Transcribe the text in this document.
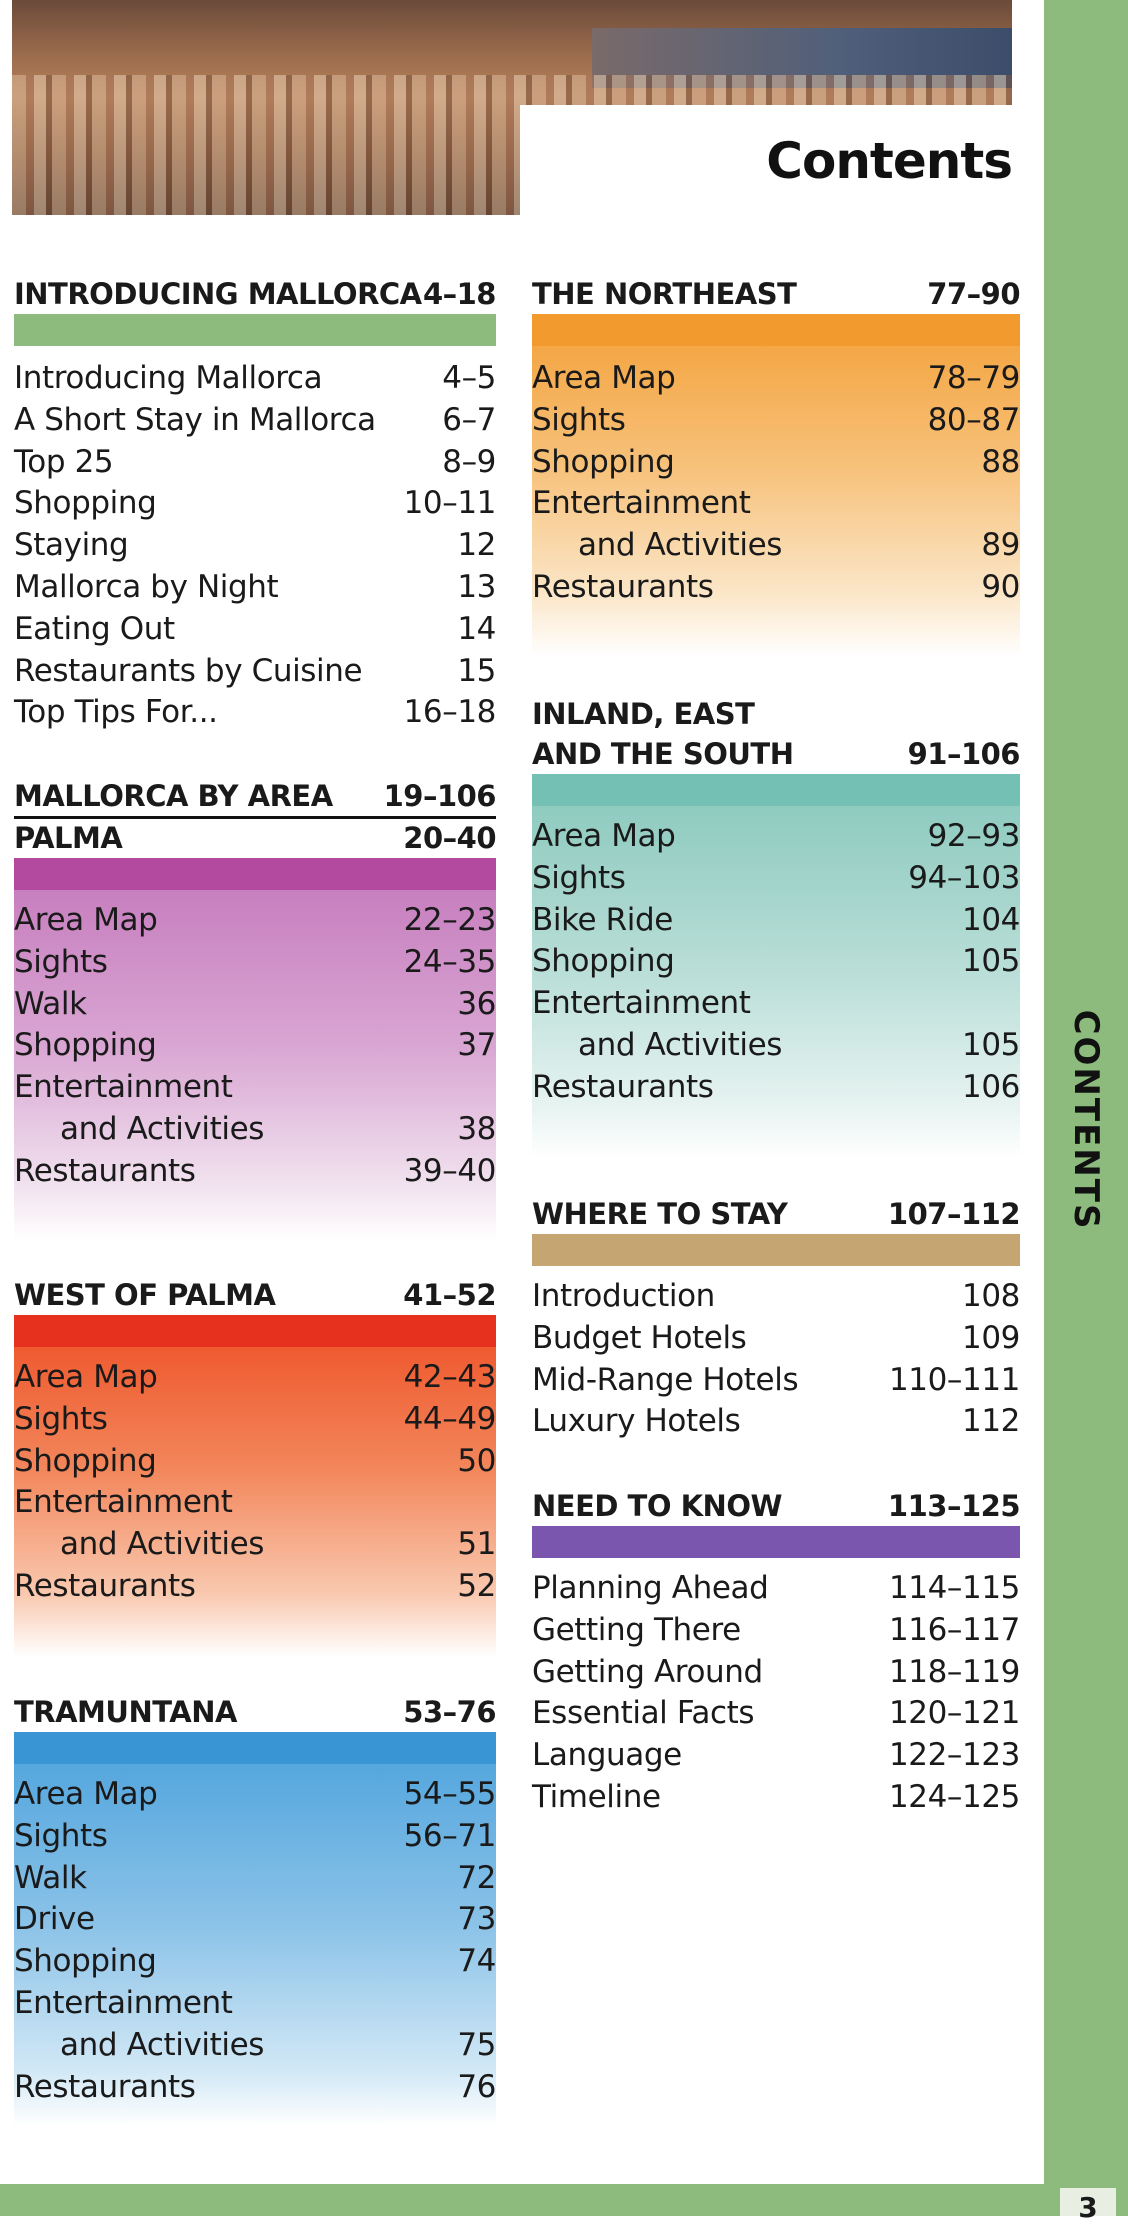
Contents
CONTENTS
3
INTRODUCING MALLORCA 4–18
Introducing Mallorca	4–5
A Short Stay in Mallorca 6–7
Top 25	8–9
Shopping	10–11
Staying	12
Mallorca by Night	13
Eating Out	14
Restaurants by Cuisine	15
Top Tips For...	16–18
MALLORCA BY AREA 19–106
PALMA	20–40
Area Map	22–23
Sights	24–35
Walk	36
Shopping	37
Entertainment
and Activities	38
Restaurants	39–40
WEST OF PALMA	41–52
Area Map	42–43
Sights	44–49
Shopping	50
Entertainment
and Activities	51
Restaurants	52
TRAMUNTANA	53–76
Area Map	54–55
Sights	56–71
Walk	72
Drive	73
Shopping	74
Entertainment
and Activities	75
Restaurants	76
THE NORTHEAST	77–90
Area Map	78–79
Sights	80–87
Shopping	88
Entertainment
and Activities	89
Restaurants	90
INLAND, EAST
AND THE SOUTH	91–106
Area Map	92–93
Sights	94–103
Bike Ride	104
Shopping	105
Entertainment
and Activities	105
Restaurants	106
WHERE TO STAY	107–112
Introduction	108
Budget Hotels	109
Mid-Range Hotels	110–111
Luxury Hotels	112
NEED TO KNOW	113–125
Planning Ahead	114–115
Getting There	116–117
Getting Around	118–119
Essential Facts	120–121
Language	122–123
Timeline	124–125
